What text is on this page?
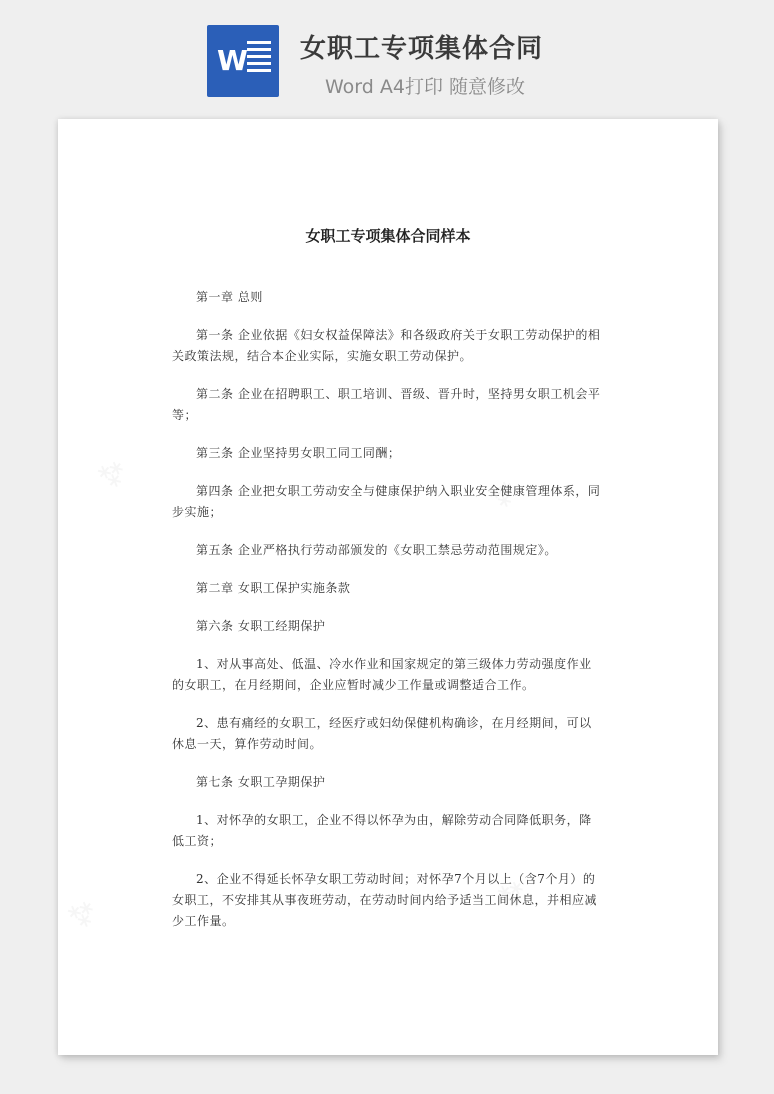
W 女职工专项集体合同
Word A4打印 随意修改
女职工专项集体合同样本

第一章 总则

第一条 企业依据《妇女权益保障法》和各级政府关于女职工劳动保护的相关政策法规，结合本企业实际，实施女职工劳动保护。

第二条 企业在招聘职工、职工培训、晋级、晋升时，坚持男女职工机会平等；

第三条 企业坚持男女职工同工同酬；

第四条 企业把女职工劳动安全与健康保护纳入职业安全健康管理体系，同步实施；

第五条 企业严格执行劳动部颁发的《女职工禁忌劳动范围规定》。

第二章 女职工保护实施条款

第六条 女职工经期保护

1、对从事高处、低温、冷水作业和国家规定的第三级体力劳动强度作业的女职工，在月经期间，企业应暂时减少工作量或调整适合工作。

2、患有痛经的女职工，经医疗或妇幼保健机构确诊，在月经期间，可以休息一天，算作劳动时间。

第七条 女职工孕期保护

1、对怀孕的女职工，企业不得以怀孕为由，解除劳动合同降低职务，降低工资；

2、企业不得延长怀孕女职工劳动时间；对怀孕7个月以上（含7个月）的女职工，不安排其从事夜班劳动，在劳动时间内给予适当工间休息，并相应减少工作量。
